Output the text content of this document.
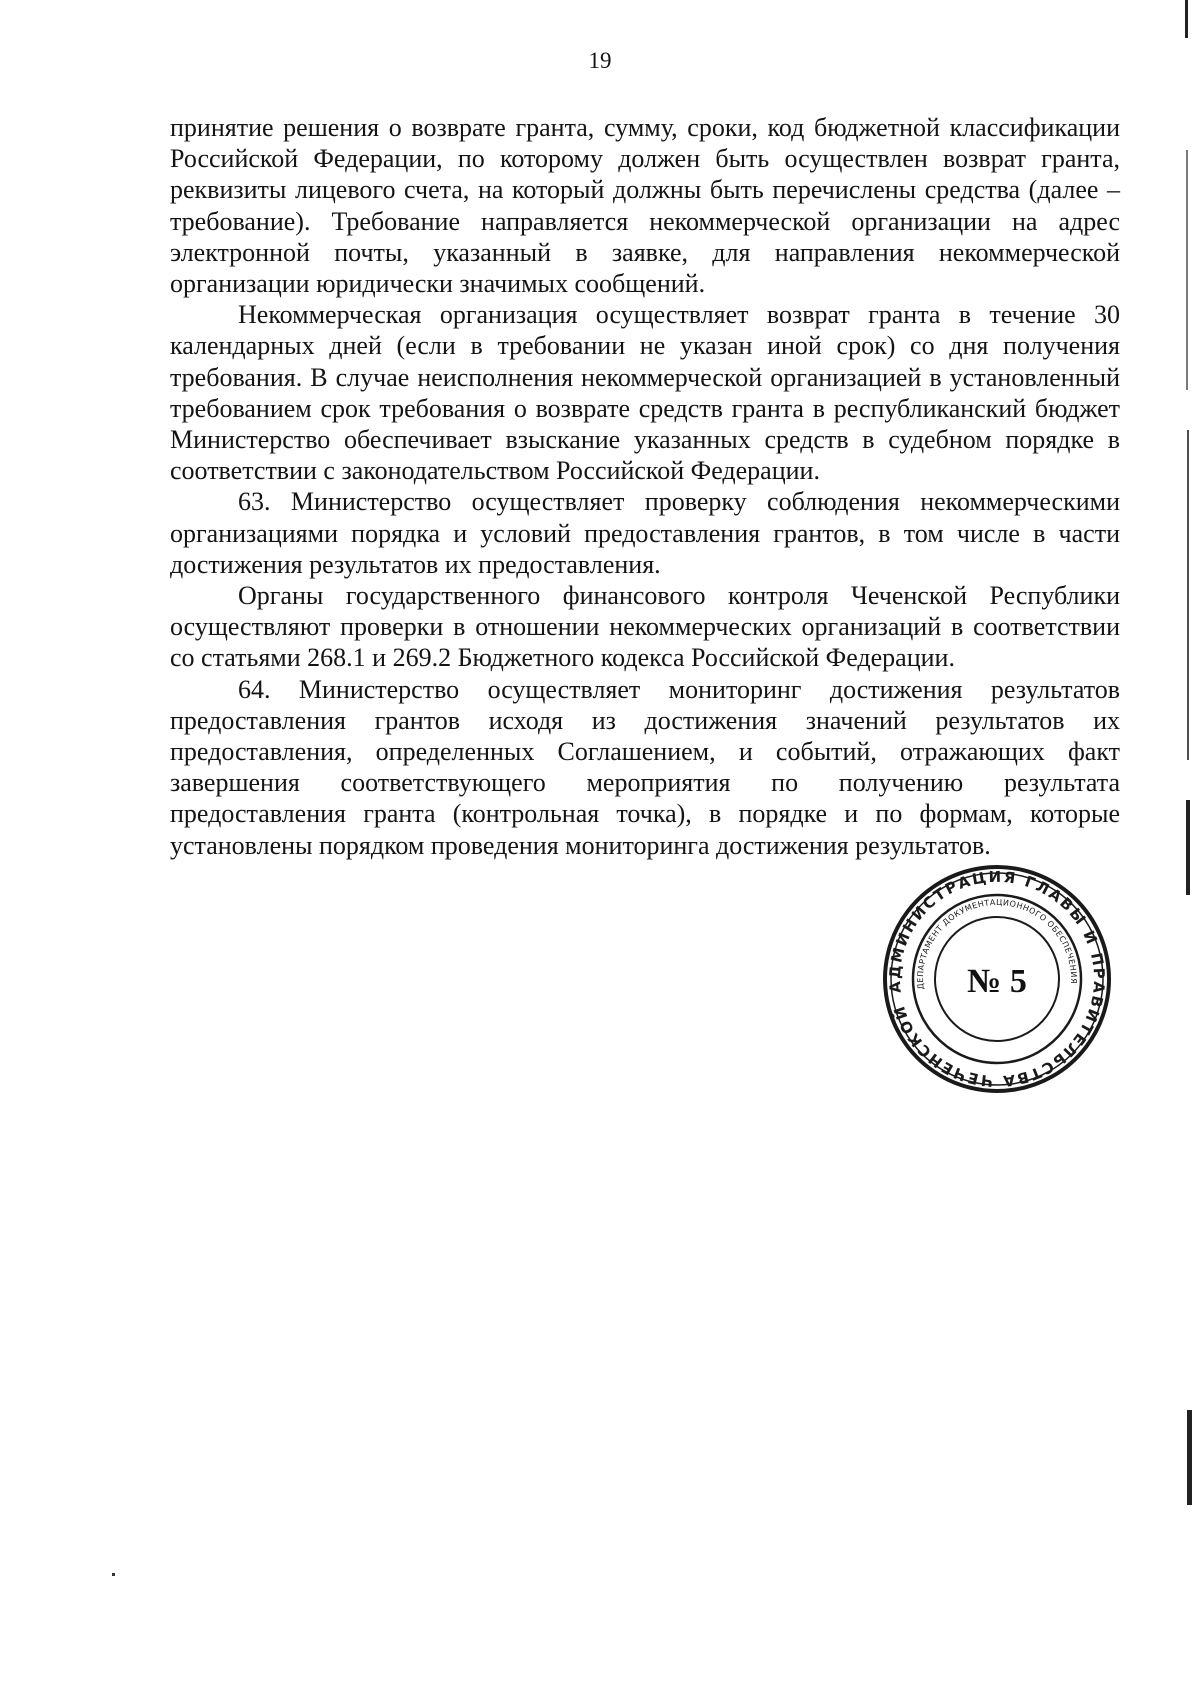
19

принятие решения о возврате гранта, сумму, сроки, код бюджетной классификации Российской Федерации, по которому должен быть осуществлен возврат гранта, реквизиты лицевого счета, на который должны быть перечислены средства (далее – требование). Требование направляется некоммерческой организации на адрес электронной почты, указанный в заявке, для направления некоммерческой организации юридически значимых сообщений.

Некоммерческая организация осуществляет возврат гранта в течение 30 календарных дней (если в требовании не указан иной срок) со дня получения требования. В случае неисполнения некоммерческой организацией в установленный требованием срок требования о возврате средств гранта в республиканский бюджет Министерство обеспечивает взыскание указанных средств в судебном порядке в соответствии с законодательством Российской Федерации.

63. Министерство осуществляет проверку соблюдения некоммерческими организациями порядка и условий предоставления грантов, в том числе в части достижения результатов их предоставления.

Органы государственного финансового контроля Чеченской Республики осуществляют проверки в отношении некоммерческих организаций в соответствии со статьями 268.1 и 269.2 Бюджетного кодекса Российской Федерации.

64. Министерство осуществляет мониторинг достижения результатов предоставления грантов исходя из достижения значений результатов их предоставления, определенных Соглашением, и событий, отражающих факт завершения соответствующего мероприятия по получению результата предоставления гранта (контрольная точка), в порядке и по формам, которые установлены порядком проведения мониторинга достижения результатов.

АДМИНИСТРАЦИЯ ГЛАВЫ И ПРАВИТЕЛЬСТВА ЧЕЧЕНСКОЙ
ДЕПАРТАМЕНТ ДОКУМЕНТАЦИОННОГО ОБЕСПЕЧЕНИЯ
№ 5
